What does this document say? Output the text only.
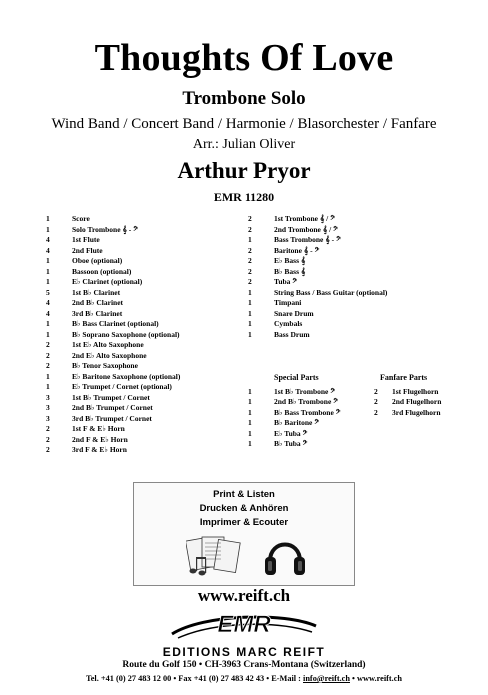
Thoughts Of Love
Trombone Solo
Wind Band / Concert Band / Harmonie / Blasorchester / Fanfare
Arr.: Julian Oliver
Arthur Pryor
EMR 11280
1	Score
1	Solo Trombone 𝄞 - 𝄢
4	1st Flute
4	2nd Flute
1	Oboe (optional)
1	Bassoon (optional)
1	E♭ Clarinet (optional)
5	1st B♭ Clarinet
4	2nd B♭ Clarinet
4	3rd B♭ Clarinet
1	B♭ Bass Clarinet (optional)
1	B♭ Soprano Saxophone (optional)
2	1st E♭ Alto Saxophone
2	2nd E♭ Alto Saxophone
2	B♭ Tenor Saxophone
1	E♭ Baritone Saxophone (optional)
1	E♭ Trumpet / Cornet (optional)
3	1st B♭ Trumpet / Cornet
3	2nd B♭ Trumpet / Cornet
3	3rd B♭ Trumpet / Cornet
2	1st F & E♭ Horn
2	2nd F & E♭ Horn
2	3rd F & E♭ Horn
2	1st Trombone 𝄞 / 𝄢
2	2nd Trombone 𝄞 / 𝄢
1	Bass Trombone 𝄞 - 𝄢
2	Baritone 𝄞 - 𝄢
2	E♭ Bass 𝄞
2	B♭ Bass 𝄞
2	Tuba 𝄢
1	String Bass / Bass Guitar (optional)
1	Timpani
1	Snare Drum
1	Cymbals
1	Bass Drum
Special Parts
1	1st B♭ Trombone 𝄢
1	2nd B♭ Trombone 𝄢
1	B♭ Bass Trombone 𝄢
1	B♭ Baritone 𝄢
1	E♭ Tuba 𝄢
1	B♭ Tuba 𝄢
Fanfare Parts
2	1st Flugelhorn
2	2nd Flugelhorn
2	3rd Flugelhorn
Print & Listen
Drucken & Anhören
Imprimer & Ecouter
www.reift.ch
EMR
EDITIONS MARC REIFT
Route du Golf 150 • CH-3963 Crans-Montana (Switzerland)
Tel. +41 (0) 27 483 12 00 • Fax +41 (0) 27 483 42 43 • E-Mail : info@reift.ch • www.reift.ch
